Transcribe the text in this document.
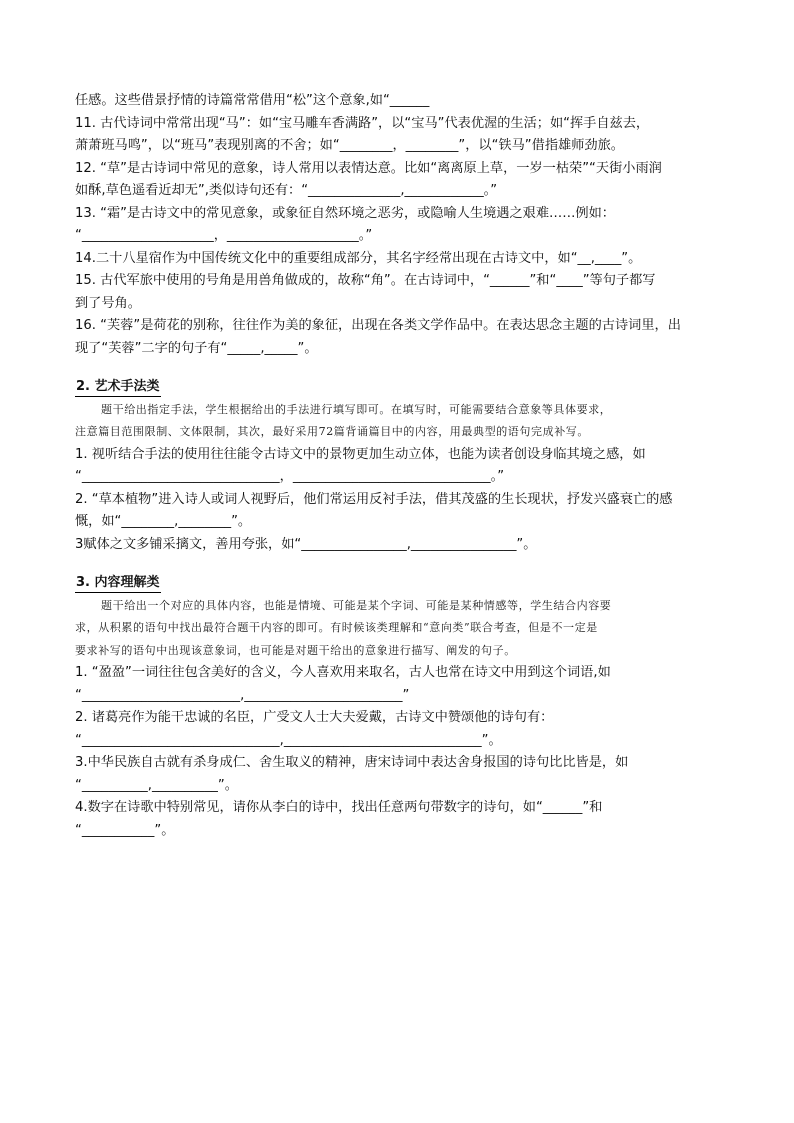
任感。这些借景抒情的诗篇常常借用“松”这个意象,如“______
11. 古代诗词中常常出现“马”：如“宝马雕车香满路”，以“宝马”代表优渥的生活；如“挥手自兹去，
萧萧班马鸣”，以“班马”表现别离的不舍；如“________，________”，以“铁马”借指雄师劲旅。
12. “草”是古诗词中常见的意象，诗人常用以表情达意。比如“离离原上草，一岁一枯荣”“天街小雨润
如酥,草色遥看近却无”,类似诗句还有：“______________,____________。”
13. “霜”是古诗文中的常见意象，或象征自然环境之恶劣，或隐喻人生境遇之艰难……例如：
“____________________，____________________。”
14.二十八星宿作为中国传统文化中的重要组成部分，其名字经常出现在古诗文中，如“__,____”。
15. 古代军旅中使用的号角是用兽角做成的，故称“角”。在古诗词中，“______”和“____”等句子都写
到了号角。
16. “芙蓉”是荷花的别称，往往作为美的象征，出现在各类文学作品中。在表达思念主题的古诗词里，出
现了“芙蓉”二字的句子有“_____,_____”。
2. 艺术手法类
题干给出指定手法，学生根据给出的手法进行填写即可。在填写时，可能需要结合意象等具体要求，
注意篇目范围限制、文体限制，其次，最好采用72篇背诵篇目中的内容，用最典型的语句完成补写。
1. 视听结合手法的使用往往能令古诗文中的景物更加生动立体，也能为读者创设身临其境之感，如
“______________________________，______________________________。”
2. “草本植物”进入诗人或词人视野后，他们常运用反衬手法，借其茂盛的生长现状，抒发兴盛衰亡的感
慨，如“________,________”。
3赋体之文多铺采摛文，善用夸张，如“________________,________________”。
3. 内容理解类
题干给出一个对应的具体内容，也能是情境、可能是某个字词、可能是某种情感等，学生结合内容要
求，从积累的语句中找出最符合题干内容的即可。有时候该类理解和“意向类”联合考查，但是不一定是
要求补写的语句中出现该意象词，也可能是对题干给出的意象进行描写、阐发的句子。
1. “盈盈”一词往往包含美好的含义，今人喜欢用来取名，古人也常在诗文中用到这个词语,如
“________________________,________________________”
2. 诸葛亮作为能干忠诚的名臣，广受文人士大夫爱戴，古诗文中赞颂他的诗句有：
“______________________________,______________________________”。
3.中华民族自古就有杀身成仁、舍生取义的精神，唐宋诗词中表达舍身报国的诗句比比皆是，如
“__________,__________”。
4.数字在诗歌中特别常见，请你从李白的诗中，找出任意两句带数字的诗句，如“______”和
“___________”。
